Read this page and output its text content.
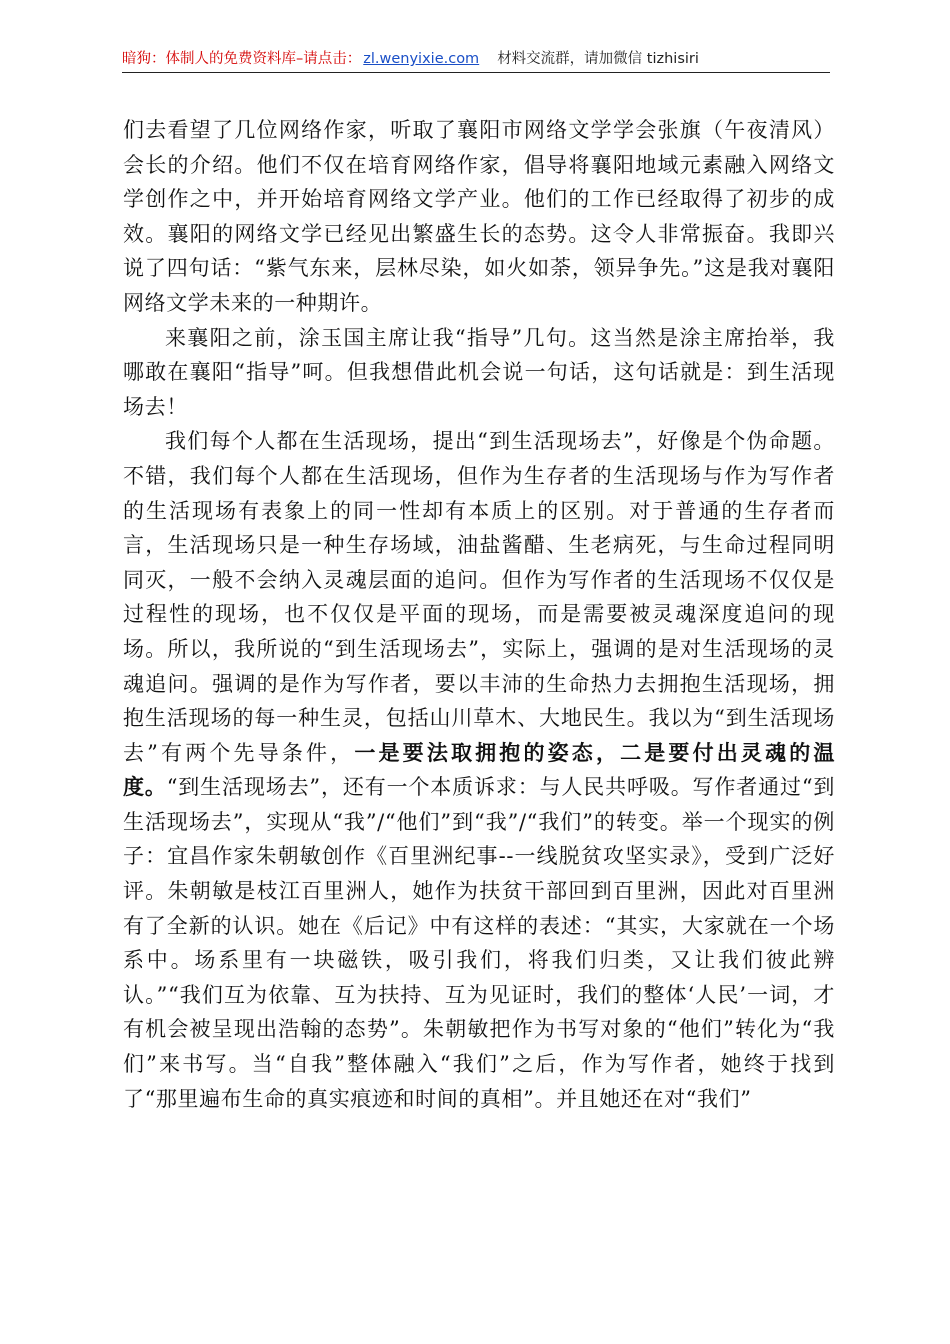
暗狗：体制人的免费资料库–请点击： zl.wenyixie.com 材料交流群，请加微信 tizhisiri

们去看望了几位网络作家，听取了襄阳市网络文学学会张旗（午夜清风）会长的介绍。他们不仅在培育网络作家，倡导将襄阳地域元素融入网络文学创作之中，并开始培育网络文学产业。他们的工作已经取得了初步的成效。襄阳的网络文学已经见出繁盛生长的态势。这令人非常振奋。我即兴说了四句话：“紫气东来，层林尽染，如火如荼，领异争先。”这是我对襄阳网络文学未来的一种期许。

来襄阳之前，涂玉国主席让我“指导”几句。这当然是涂主席抬举，我哪敢在襄阳“指导”呵。但我想借此机会说一句话，这句话就是：到生活现场去！

我们每个人都在生活现场，提出“到生活现场去”，好像是个伪命题。不错，我们每个人都在生活现场，但作为生存者的生活现场与作为写作者的生活现场有表象上的同一性却有本质上的区别。对于普通的生存者而言，生活现场只是一种生存场域，油盐酱醋、生老病死，与生命过程同明同灭，一般不会纳入灵魂层面的追问。但作为写作者的生活现场不仅仅是过程性的现场，也不仅仅是平面的现场，而是需要被灵魂深度追问的现场。所以，我所说的“到生活现场去”，实际上，强调的是对生活现场的灵魂追问。强调的是作为写作者，要以丰沛的生命热力去拥抱生活现场，拥抱生活现场的每一种生灵，包括山川草木、大地民生。我以为“到生活现场去”有两个先导条件，一是要法取拥抱的姿态，二是要付出灵魂的温度。“到生活现场去”，还有一个本质诉求：与人民共呼吸。写作者通过“到生活现场去”，实现从“我”/“他们”到“我”/“我们”的转变。举一个现实的例子：宜昌作家朱朝敏创作《百里洲纪事--一线脱贫攻坚实录》，受到广泛好评。朱朝敏是枝江百里洲人，她作为扶贫干部回到百里洲，因此对百里洲有了全新的认识。她在《后记》中有这样的表述：“其实，大家就在一个场系中。场系里有一块磁铁，吸引我们，将我们归类，又让我们彼此辨认。”“我们互为依靠、互为扶持、互为见证时，我们的整体‘人民’一词，才有机会被呈现出浩翰的态势”。朱朝敏把作为书写对象的“他们”转化为“我们”来书写。当“自我”整体融入“我们”之后，作为写作者，她终于找到了“那里遍布生命的真实痕迹和时间的真相”。并且她还在对“我们”
